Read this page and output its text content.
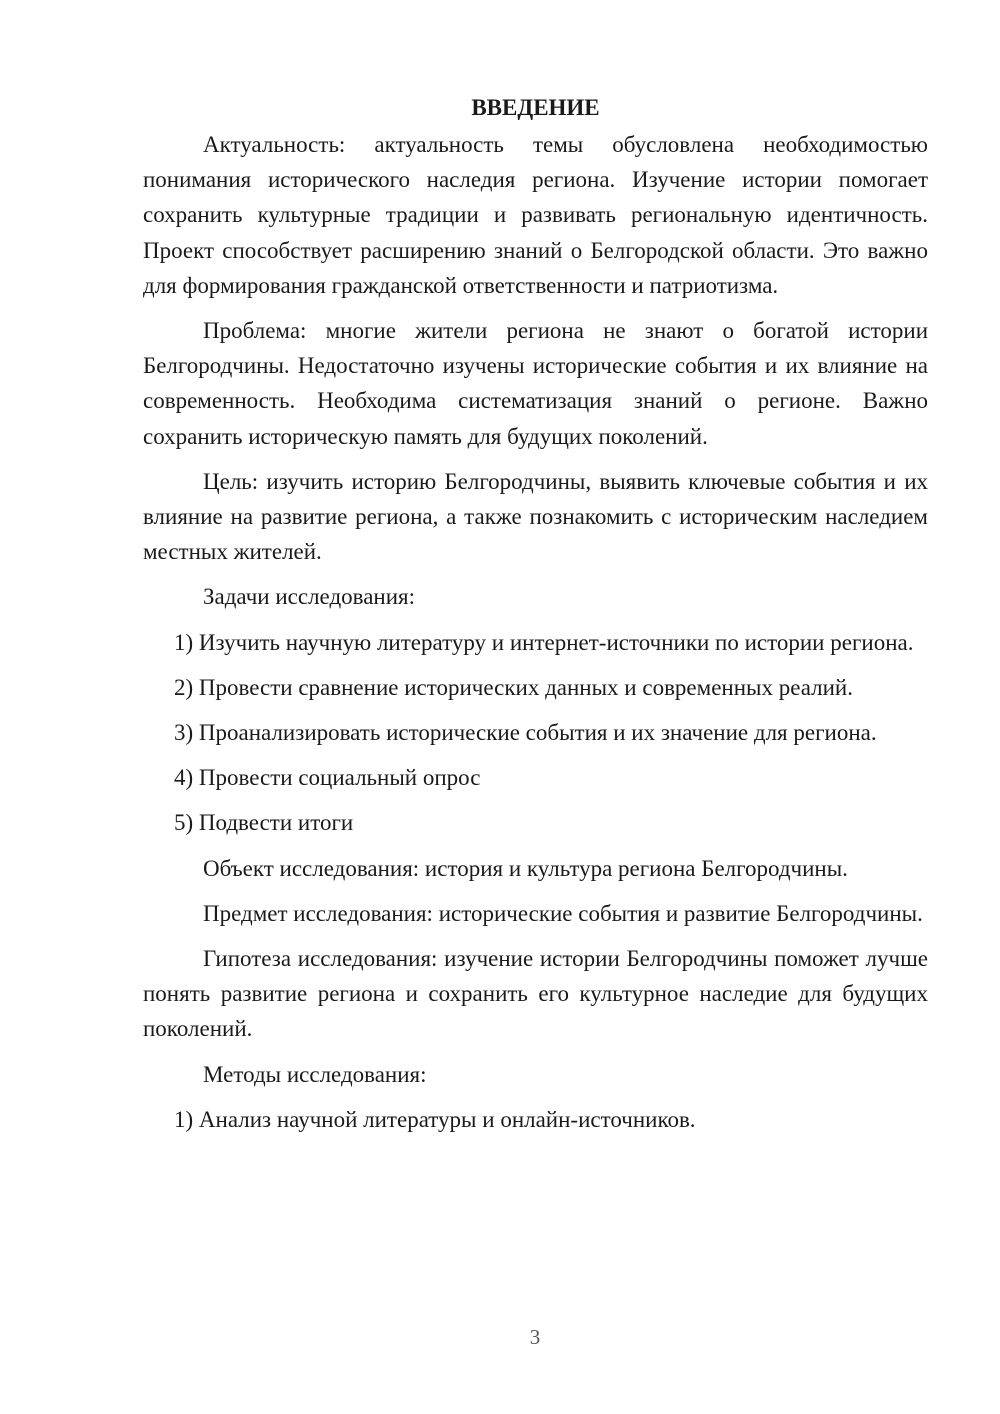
ВВЕДЕНИЕ

Актуальность: актуальность темы обусловлена необходимостью понимания исторического наследия региона. Изучение истории помогает сохранить культурные традиции и развивать региональную идентичность. Проект способствует расширению знаний о Белгородской области. Это важно для формирования гражданской ответственности и патриотизма.

Проблема: многие жители региона не знают о богатой истории Белгородчины. Недостаточно изучены исторические события и их влияние на современность. Необходима систематизация знаний о регионе. Важно сохранить историческую память для будущих поколений.

Цель: изучить историю Белгородчины, выявить ключевые события и их влияние на развитие региона, а также познакомить с историческим наследием местных жителей.

Задачи исследования:

1) Изучить научную литературу и интернет-источники по истории региона.

2) Провести сравнение исторических данных и современных реалий.

3) Проанализировать исторические события и их значение для региона.

4) Провести социальный опрос

5) Подвести итоги

Объект исследования: история и культура региона Белгородчины.

Предмет исследования: исторические события и развитие Белгородчины.

Гипотеза исследования: изучение истории Белгородчины поможет лучше понять развитие региона и сохранить его культурное наследие для будущих поколений.

Методы исследования:

1) Анализ научной литературы и онлайн-источников.

3
